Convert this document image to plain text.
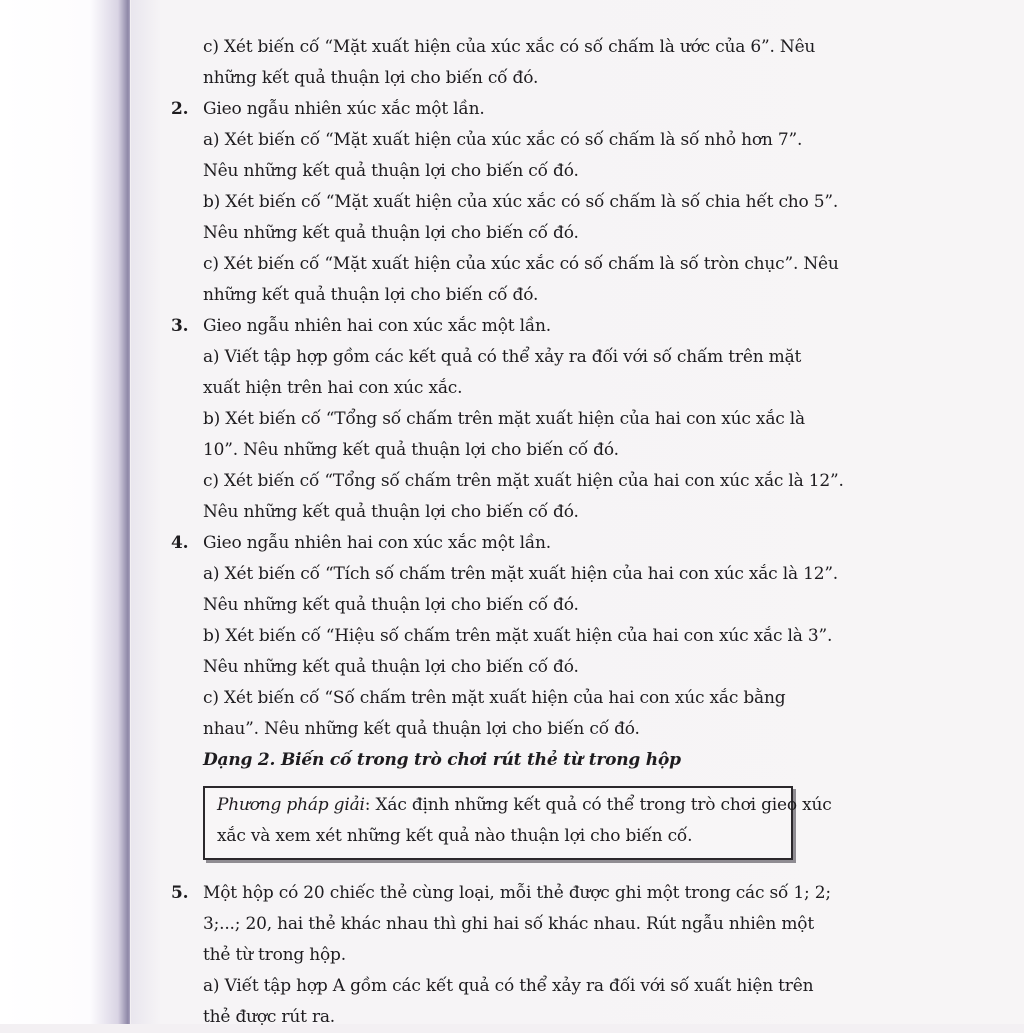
c) Xét biến cố “Mặt xuất hiện của xúc xắc có số chấm là ước của 6”. Nêu
những kết quả thuận lợi cho biến cố đó.
2. Gieo ngẫu nhiên xúc xắc một lần.
a) Xét biến cố “Mặt xuất hiện của xúc xắc có số chấm là số nhỏ hơn 7”.
Nêu những kết quả thuận lợi cho biến cố đó.
b) Xét biến cố “Mặt xuất hiện của xúc xắc có số chấm là số chia hết cho 5”.
Nêu những kết quả thuận lợi cho biến cố đó.
c) Xét biến cố “Mặt xuất hiện của xúc xắc có số chấm là số tròn chục”. Nêu
những kết quả thuận lợi cho biến cố đó.
3. Gieo ngẫu nhiên hai con xúc xắc một lần.
a) Viết tập hợp gồm các kết quả có thể xảy ra đối với số chấm trên mặt
xuất hiện trên hai con xúc xắc.
b) Xét biến cố “Tổng số chấm trên mặt xuất hiện của hai con xúc xắc là
10”. Nêu những kết quả thuận lợi cho biến cố đó.
c) Xét biến cố “Tổng số chấm trên mặt xuất hiện của hai con xúc xắc là 12”.
Nêu những kết quả thuận lợi cho biến cố đó.
4. Gieo ngẫu nhiên hai con xúc xắc một lần.
a) Xét biến cố “Tích số chấm trên mặt xuất hiện của hai con xúc xắc là 12”.
Nêu những kết quả thuận lợi cho biến cố đó.
b) Xét biến cố “Hiệu số chấm trên mặt xuất hiện của hai con xúc xắc là 3”.
Nêu những kết quả thuận lợi cho biến cố đó.
c) Xét biến cố “Số chấm trên mặt xuất hiện của hai con xúc xắc bằng
nhau”. Nêu những kết quả thuận lợi cho biến cố đó.
Dạng 2. Biến cố trong trò chơi rút thẻ từ trong hộp
Phương pháp giải: Xác định những kết quả có thể trong trò chơi gieo xúc
xắc và xem xét những kết quả nào thuận lợi cho biến cố.
5. Một hộp có 20 chiếc thẻ cùng loại, mỗi thẻ được ghi một trong các số 1; 2;
3;...; 20, hai thẻ khác nhau thì ghi hai số khác nhau. Rút ngẫu nhiên một
thẻ từ trong hộp.
a) Viết tập hợp A gồm các kết quả có thể xảy ra đối với số xuất hiện trên
thẻ được rút ra.
